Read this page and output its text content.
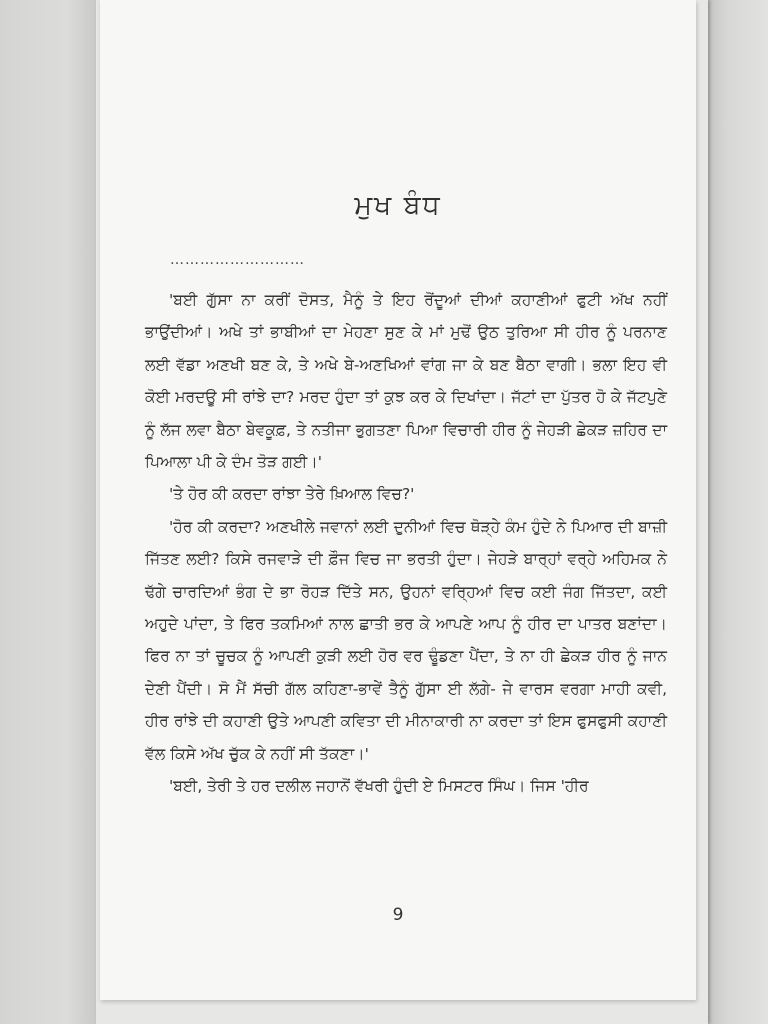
ਮੁਖ ਬੰਧ
………………………

'ਬਈ ਗੁੱਸਾ ਨਾ ਕਰੀਂ ਦੋਸਤ, ਮੈਨੂੰ ਤੇ ਇਹ ਰੋਂਦੂਆਂ ਦੀਆਂ ਕਹਾਣੀਆਂ ਫੁਟੀ ਅੱਖ ਨਹੀਂ ਭਾਉਂਦੀਆਂ। ਅਖੇ ਤਾਂ ਭਾਬੀਆਂ ਦਾ ਮੇਹਣਾ ਸੁਣ ਕੇ ਮਾਂ ਮੁਢੋਂ ਉਠ ਤੁਰਿਆ ਸੀ ਹੀਰ ਨੂੰ ਪਰਨਾਣ ਲਈ ਵੱਡਾ ਅਣਖੀ ਬਣ ਕੇ, ਤੇ ਅਖੇ ਬੇ-ਅਣਖਿਆਂ ਵਾਂਗ ਜਾ ਕੇ ਬਣ ਬੈਠਾ ਵਾਗੀ। ਭਲਾ ਇਹ ਵੀ ਕੋਈ ਮਰਦਊ ਸੀ ਰਾਂਝੇ ਦਾ? ਮਰਦ ਹੁੰਦਾ ਤਾਂ ਕੁਝ ਕਰ ਕੇ ਦਿਖਾਂਦਾ। ਜੱਟਾਂ ਦਾ ਪੁੱਤਰ ਹੋ ਕੇ ਜੱਟਪੁਣੇ ਨੂੰ ਲੱਜ ਲਵਾ ਬੈਠਾ ਬੇਵਕੂਫ਼, ਤੇ ਨਤੀਜਾ ਭੁਗਤਣਾ ਪਿਆ ਵਿਚਾਰੀ ਹੀਰ ਨੂੰ ਜੇਹੜੀ ਛੇਕੜ ਜ਼ਹਿਰ ਦਾ ਪਿਆਲਾ ਪੀ ਕੇ ਦੰਮ ਤੋੜ ਗਈ।'

'ਤੇ ਹੋਰ ਕੀ ਕਰਦਾ ਰਾਂਝਾ ਤੇਰੇ ਖ਼ਿਆਲ ਵਿਚ?'

'ਹੋਰ ਕੀ ਕਰਦਾ? ਅਣਖੀਲੇ ਜਵਾਨਾਂ ਲਈ ਦੁਨੀਆਂ ਵਿਚ ਥੋੜ੍ਹੇ ਕੰਮ ਹੁੰਦੇ ਨੇ ਪਿਆਰ ਦੀ ਬਾਜ਼ੀ ਜਿੱਤਣ ਲਈ? ਕਿਸੇ ਰਜਵਾੜੇ ਦੀ ਫ਼ੌਜ ਵਿਚ ਜਾ ਭਰਤੀ ਹੁੰਦਾ। ਜੇਹੜੇ ਬਾਰ੍ਹਾਂ ਵਰ੍ਹੇ ਅਹਿਮਕ ਨੇ ਢੱਗੇ ਚਾਰਦਿਆਂ ਭੰਗ ਦੇ ਭਾ ਰੋਹੜ ਦਿੱਤੇ ਸਨ, ਉਹਨਾਂ ਵਰ੍ਹਿਆਂ ਵਿਚ ਕਈ ਜੰਗ ਜਿੱਤਦਾ, ਕਈ ਅਹੁਦੇ ਪਾਂਦਾ, ਤੇ ਫਿਰ ਤਕਮਿਆਂ ਨਾਲ ਛਾਤੀ ਭਰ ਕੇ ਆਪਣੇ ਆਪ ਨੂੰ ਹੀਰ ਦਾ ਪਾਤਰ ਬਣਾਂਦਾ। ਫਿਰ ਨਾ ਤਾਂ ਚੂਚਕ ਨੂੰ ਆਪਣੀ ਕੁੜੀ ਲਈ ਹੋਰ ਵਰ ਢੂੰਡਣਾ ਪੈਂਦਾ, ਤੇ ਨਾ ਹੀ ਛੇਕੜ ਹੀਰ ਨੂੰ ਜਾਨ ਦੇਣੀ ਪੈਂਦੀ। ਸੋ ਮੈਂ ਸੱਚੀ ਗੱਲ ਕਹਿਣਾ-ਭਾਵੇਂ ਤੈਨੂੰ ਗੁੱਸਾ ਈ ਲੱਗੇ- ਜੇ ਵਾਰਸ ਵਰਗਾ ਮਾਹੀ ਕਵੀ, ਹੀਰ ਰਾਂਝੇ ਦੀ ਕਹਾਣੀ ਉਤੇ ਆਪਣੀ ਕਵਿਤਾ ਦੀ ਮੀਨਾਕਾਰੀ ਨਾ ਕਰਦਾ ਤਾਂ ਇਸ ਫੁਸਫੁਸੀ ਕਹਾਣੀ ਵੱਲ ਕਿਸੇ ਅੱਖ ਚੁੱਕ ਕੇ ਨਹੀਂ ਸੀ ਤੱਕਣਾ।'

'ਬਈ, ਤੇਰੀ ਤੇ ਹਰ ਦਲੀਲ ਜਹਾਨੋਂ ਵੱਖਰੀ ਹੁੰਦੀ ਏ ਮਿਸਟਰ ਸਿੰਘ। ਜਿਸ 'ਹੀਰ

9
